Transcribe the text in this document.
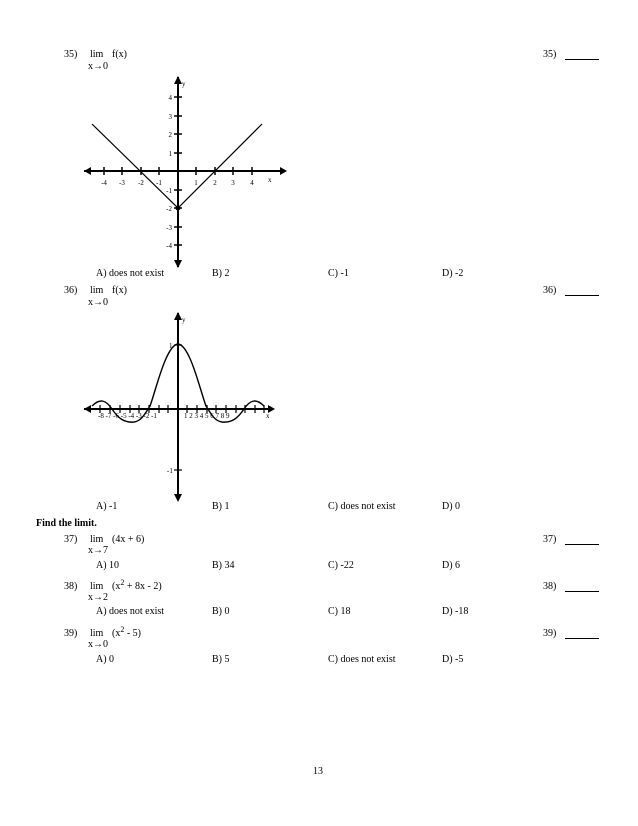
35) lim f(x)
x→0
35)
y
x
-4 -3 -2 -1	1 2 3 4
4
3
2
1
-1
-2
-3
-4
A) does not exist	B) 2	C) -1	D) -2
36) lim f(x)
x→0
36)
y
-8 -7 -6 -5 -4 -3 -2 -1	1 2 3 4 5 6 7 8 9	x
1
-1
A) -1	B) 1	C) does not exist	D) 0
Find the limit.
37) lim (4x + 6)
x→7
37)
A) 10	B) 34	C) -22	D) 6
38) $\lim (x^2 + 8x - 2)$
x→2
38)
A) does not exist	B) 0	C) 18	D) -18
39) $\lim (x^2 - 5)$
x→0
39)
A) 0	B) 5	C) does not exist	D) -5
13
